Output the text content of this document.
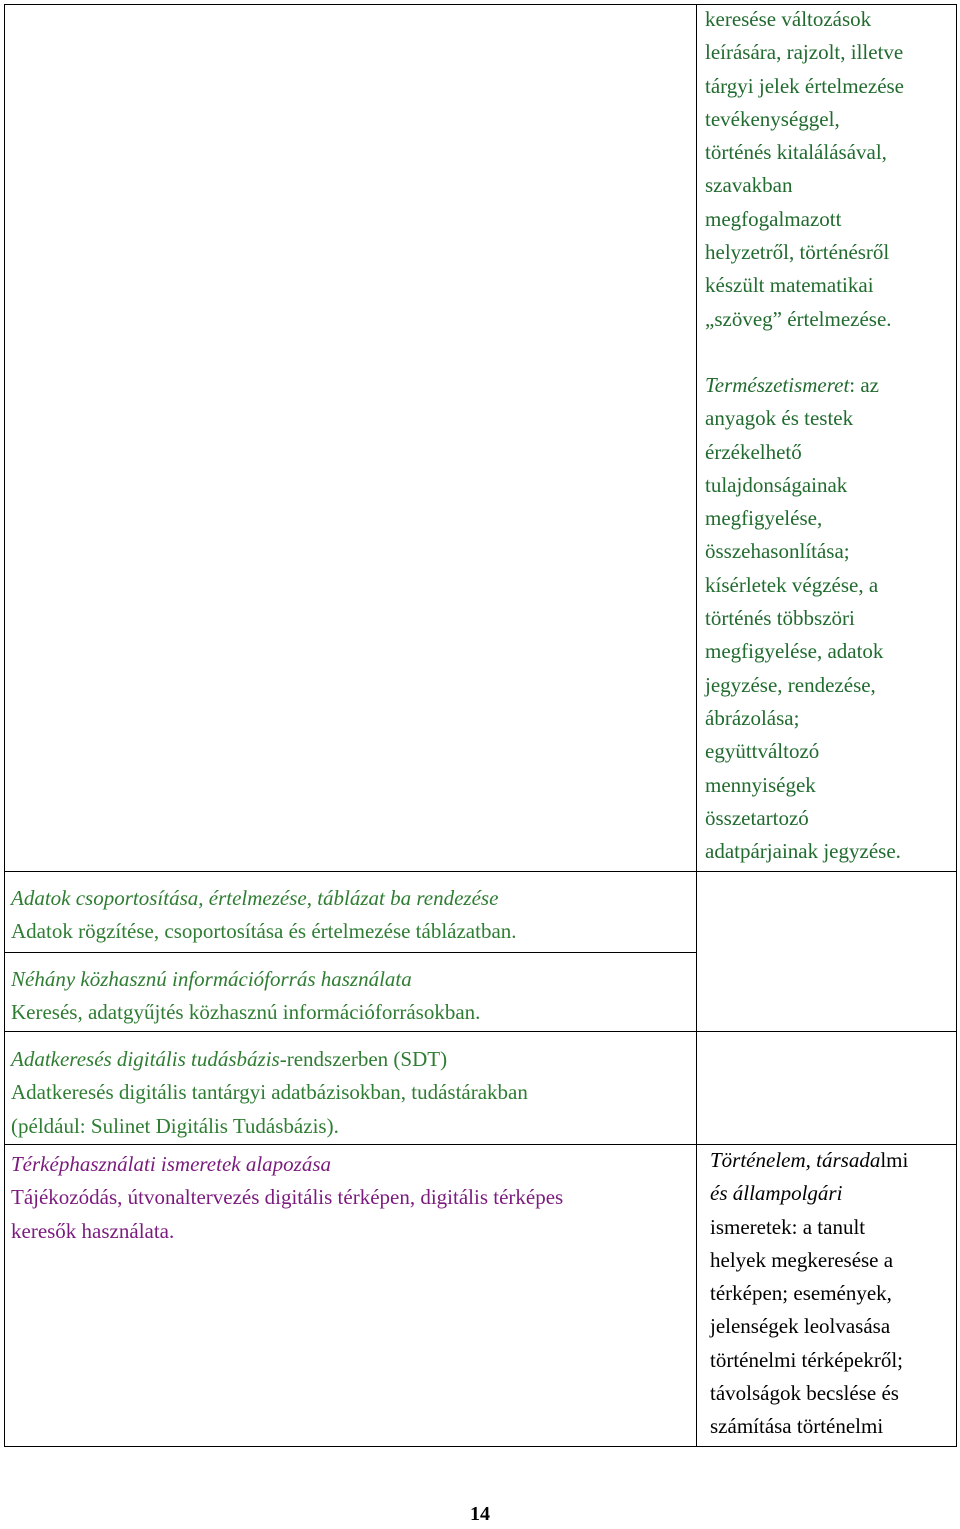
keresése változások
leírására, rajzolt, illetve
tárgyi jelek értelmezése
tevékenységgel,
történés kitalálásával,
szavakban
megfogalmazott
helyzetről, történésről
készült matematikai
„szöveg” értelmezése.
Természetismeret: az
anyagok és testek
érzékelhető
tulajdonságainak
megfigyelése,
összehasonlítása;
kísérletek végzése, a
történés többszöri
megfigyelése, adatok
jegyzése, rendezése,
ábrázolása;
együttváltozó
mennyiségek
összetartozó
adatpárjainak jegyzése.
Adatok csoportosítása, értelmezése, táblázat ba rendezése
Adatok rögzítése, csoportosítása és értelmezése táblázatban.
Néhány közhasznú információforrás használata
Keresés, adatgyűjtés közhasznú információforrásokban.
Adatkeresés digitális tudásbázis-rendszerben (SDT)
Adatkeresés digitális tantárgyi adatbázisokban, tudástárakban
(például: Sulinet Digitális Tudásbázis).
Térképhasználati ismeretek alapozása
Tájékozódás, útvonaltervezés digitális térképen, digitális térképes
keresők használata.
Történelem, társadalmi
és állampolgári
ismeretek: a tanult
helyek megkeresése a
térképen; események,
jelenségek leolvasása
történelmi térképekről;
távolságok becslése és
számítása történelmi
14
